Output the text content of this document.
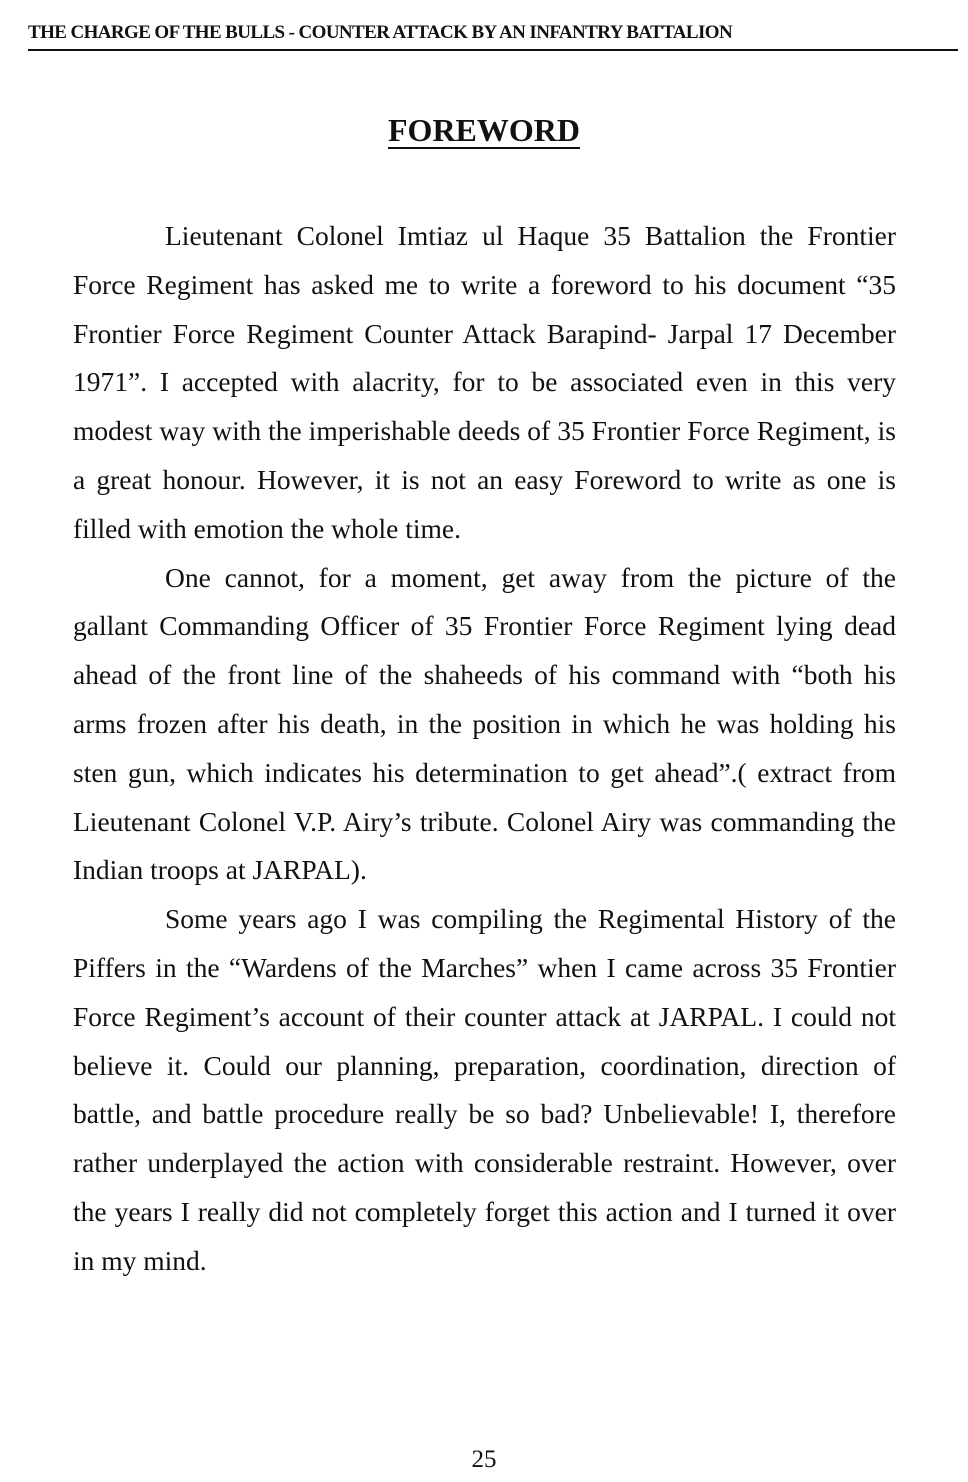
THE CHARGE OF THE BULLS - COUNTER ATTACK BY AN INFANTRY BATTALION
FOREWORD

Lieutenant Colonel Imtiaz ul Haque 35 Battalion the Frontier Force Regiment has asked me to write a foreword to his document “35 Frontier Force Regiment Counter Attack Barapind- Jarpal 17 December 1971”. I accepted with alacrity, for to be associated even in this very modest way with the imperishable deeds of 35 Frontier Force Regiment, is a great honour. However, it is not an easy Foreword to write as one is filled with emotion the whole time.

One cannot, for a moment, get away from the picture of the gallant Commanding Officer of 35 Frontier Force Regiment lying dead ahead of the front line of the shaheeds of his command with “both his arms frozen after his death, in the position in which he was holding his sten gun, which indicates his determination to get ahead”.( extract from Lieutenant Colonel V.P. Airy’s tribute. Colonel Airy was commanding the Indian troops at JARPAL).

Some years ago I was compiling the Regimental History of the Piffers in the “Wardens of the Marches” when I came across 35 Frontier Force Regiment’s account of their counter attack at JARPAL. I could not believe it. Could our planning, preparation, coordination, direction of battle, and battle procedure really be so bad? Unbelievable! I, therefore rather underplayed the action with considerable restraint. However, over the years I really did not completely forget this action and I turned it over in my mind.

25
